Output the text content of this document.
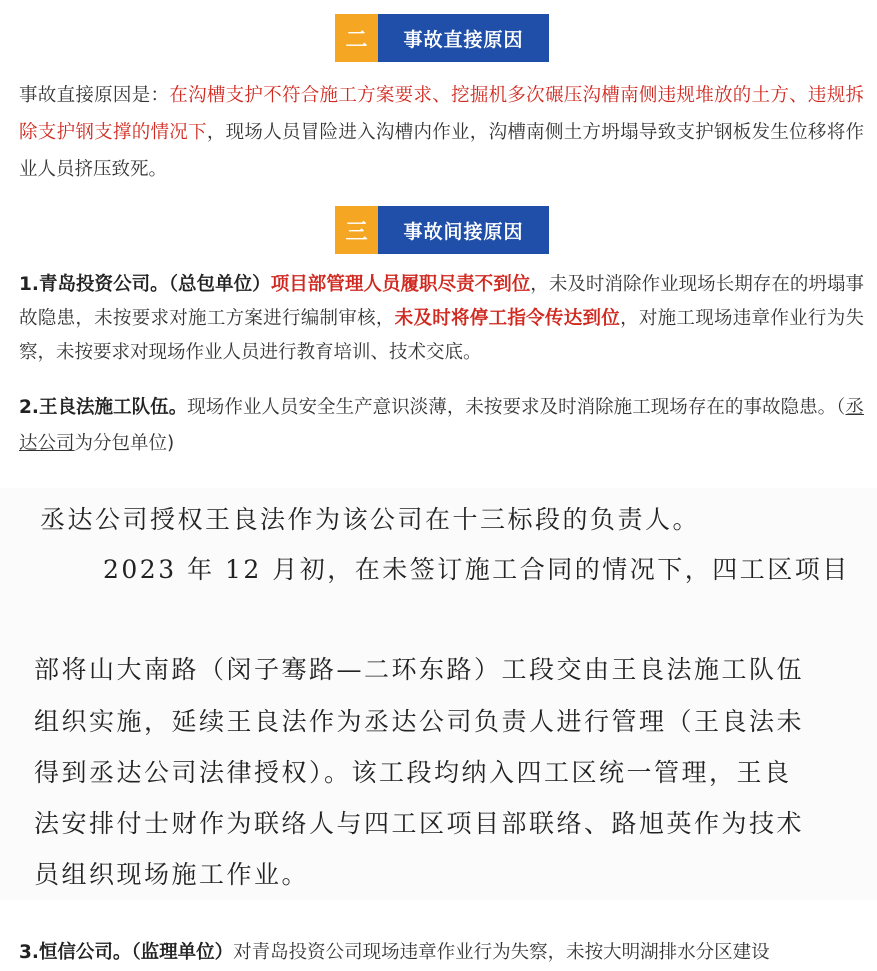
二	事故直接原因
事故直接原因是：在沟槽支护不符合施工方案要求、挖掘机多次碾压沟槽南侧违规堆放的土方、违规拆除支护钢支撑的情况下，现场人员冒险进入沟槽内作业，沟槽南侧土方坍塌导致支护钢板发生位移将作业人员挤压致死。
三	事故间接原因
1.青岛投资公司。（总包单位）项目部管理人员履职尽责不到位，未及时消除作业现场长期存在的坍塌事故隐患，未按要求对施工方案进行编制审核，未及时将停工指令传达到位，对施工现场违章作业行为失察，未按要求对现场作业人员进行教育培训、技术交底。
2.王良法施工队伍。现场作业人员安全生产意识淡薄，未按要求及时消除施工现场存在的事故隐患。（丞达公司为分包单位)
丞达公司授权王良法作为该公司在十三标段的负责人。
2023 年 12 月初，在未签订施工合同的情况下，四工区项目
部将山大南路（闵子骞路—二环东路）工段交由王良法施工队伍
组织实施，延续王良法作为丞达公司负责人进行管理（王良法未
得到丞达公司法律授权）。该工段均纳入四工区统一管理，王良
法安排付士财作为联络人与四工区项目部联络、路旭英作为技术
员组织现场施工作业。
3.恒信公司。（监理单位）对青岛投资公司现场违章作业行为失察，未按大明湖排水分区建设
